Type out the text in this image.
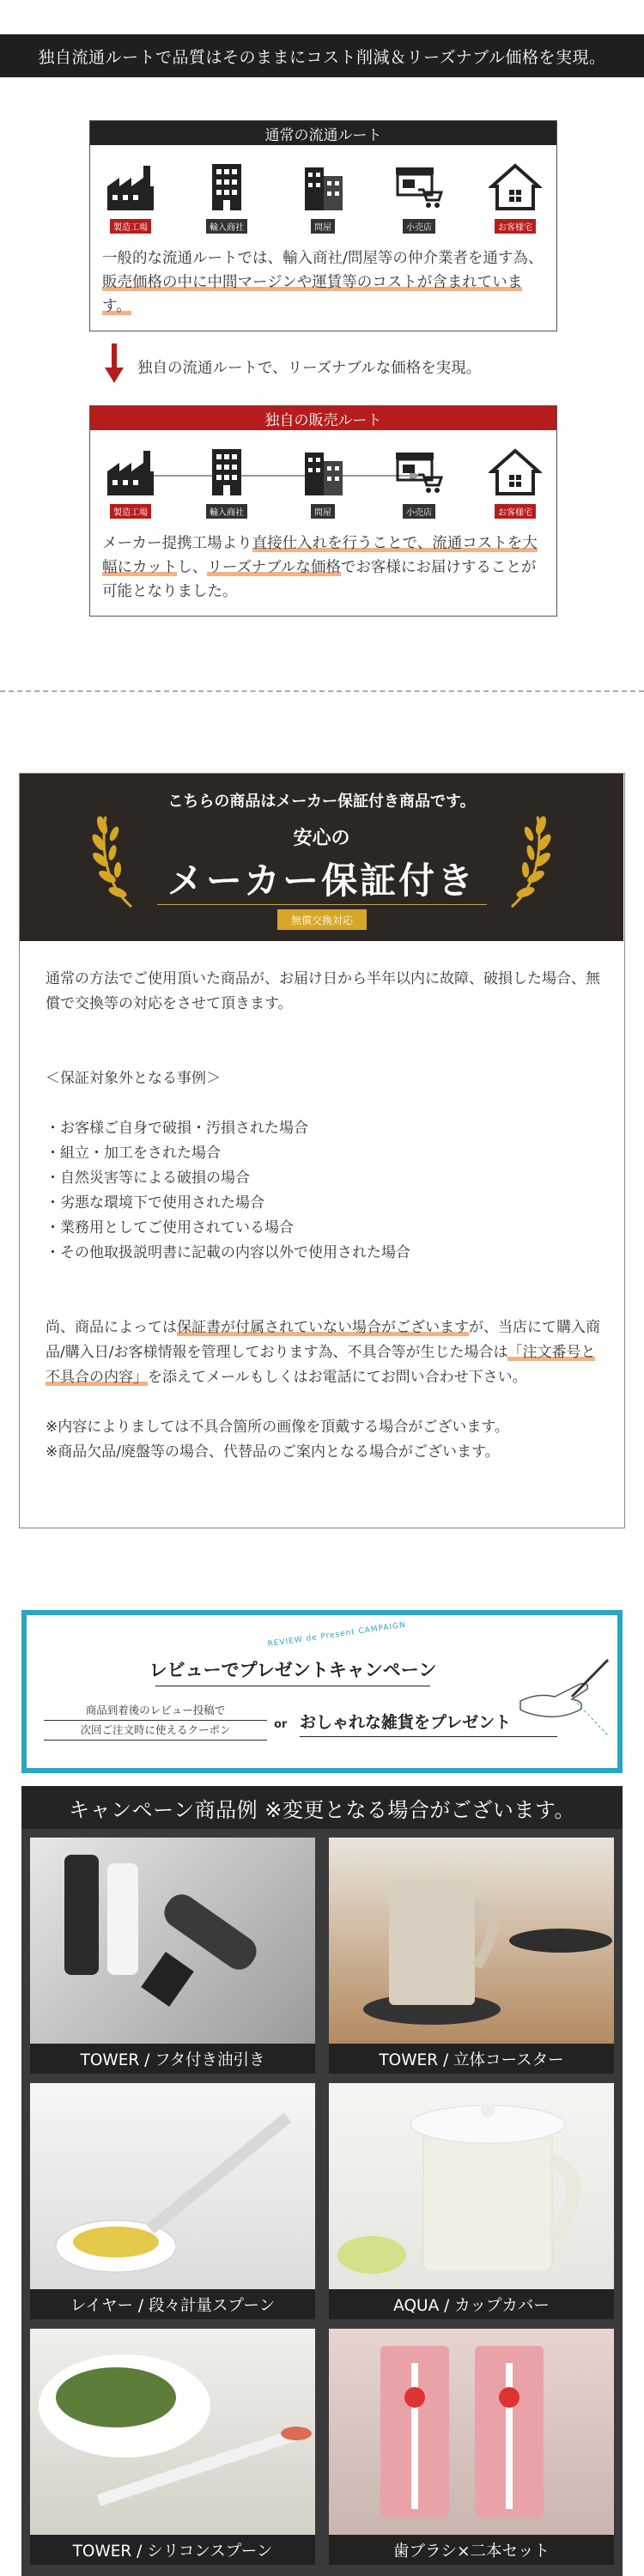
独自流通ルートで品質はそのままにコスト削減＆リーズナブル価格を実現。
通常の流通ルート
製造工場	輸入商社	問屋	小売店	お客様宅

一般的な流通ルートでは、輸入商社/問屋等の仲介業者を通す為、販売価格の中に中間マージンや運賃等のコストが含まれています。

独自の流通ルートで、リーズナブルな価格を実現。
独自の販売ルート
製造工場	輸入商社	問屋	小売店	お客様宅

メーカー提携工場より直接仕入れを行うことで、流通コストを大幅にカットし、リーズナブルな価格でお客様にお届けすることが可能となりました。

こちらの商品はメーカー保証付き商品です。
安心の
メーカー保証付き
無償交換対応

通常の方法でご使用頂いた商品が、お届け日から半年以内に故障、破損した場合、無償で交換等の対応をさせて頂きます。

＜保証対象外となる事例＞

・お客様ご自身で破損・汚損された場合

・組立・加工をされた場合

・自然災害等による破損の場合

・劣悪な環境下で使用された場合

・業務用としてご使用されている場合

・その他取扱説明書に記載の内容以外で使用された場合

尚、商品によっては保証書が付属されていない場合がございますが、当店にて購入商品/購入日/お客様情報を管理しております為、不具合等が生じた場合は「注文番号と不具合の内容」を添えてメールもしくはお電話にてお問い合わせ下さい。

※内容によりましては不具合箇所の画像を頂戴する場合がございます。

※商品欠品/廃盤等の場合、代替品のご案内となる場合がございます。

REVIEW de Present CAMPAIGN
レビューでプレゼントキャンペーン
商品到着後のレビュー投稿で
次回ご注文時に使えるクーポン	or おしゃれな雑貨をプレゼント
キャンペーン商品例 ※変更となる場合がございます。
TOWER / フタ付き油引き	TOWER / 立体コースター
レイヤー / 段々計量スプーン	AQUA / カップカバー
TOWER / シリコンスプーン	歯ブラシ×二本セット
